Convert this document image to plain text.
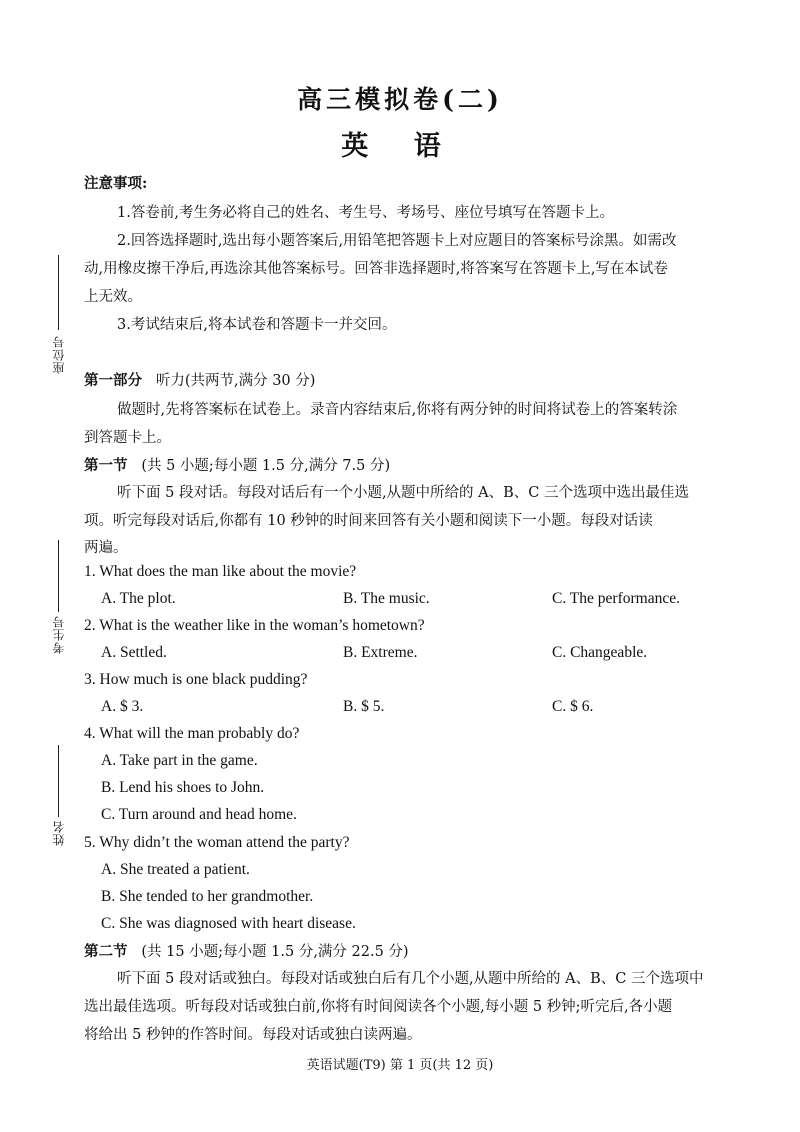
高三模拟卷(二)
英 语
座位号
考生号
姓名
注意事项:
1.答卷前,考生务必将自己的姓名、考生号、考场号、座位号填写在答题卡上。
2.回答选择题时,选出每小题答案后,用铅笔把答题卡上对应题目的答案标号涂黑。如需改
动,用橡皮擦干净后,再选涂其他答案标号。回答非选择题时,将答案写在答题卡上,写在本试卷
上无效。
3.考试结束后,将本试卷和答题卡一并交回。
第一部分 听力(共两节,满分 30 分)
做题时,先将答案标在试卷上。录音内容结束后,你将有两分钟的时间将试卷上的答案转涂
到答题卡上。
第一节 (共 5 小题;每小题 1.5 分,满分 7.5 分)
听下面 5 段对话。每段对话后有一个小题,从题中所给的 A、B、C 三个选项中选出最佳选
项。听完每段对话后,你都有 10 秒钟的时间来回答有关小题和阅读下一小题。每段对话读
两遍。
1. What does the man like about the movie?
A. The plot.	B. The music.	C. The performance.
2. What is the weather like in the woman’s hometown?
A. Settled.	B. Extreme.	C. Changeable.
3. How much is one black pudding?
A. $ 3.	B. $ 5.	C. $ 6.
4. What will the man probably do?
A. Take part in the game.
B. Lend his shoes to John.
C. Turn around and head home.
5. Why didn’t the woman attend the party?
A. She treated a patient.
B. She tended to her grandmother.
C. She was diagnosed with heart disease.
第二节 (共 15 小题;每小题 1.5 分,满分 22.5 分)
听下面 5 段对话或独白。每段对话或独白后有几个小题,从题中所给的 A、B、C 三个选项中
选出最佳选项。听每段对话或独白前,你将有时间阅读各个小题,每小题 5 秒钟;听完后,各小题
将给出 5 秒钟的作答时间。每段对话或独白读两遍。
英语试题(T9) 第 1 页(共 12 页)
